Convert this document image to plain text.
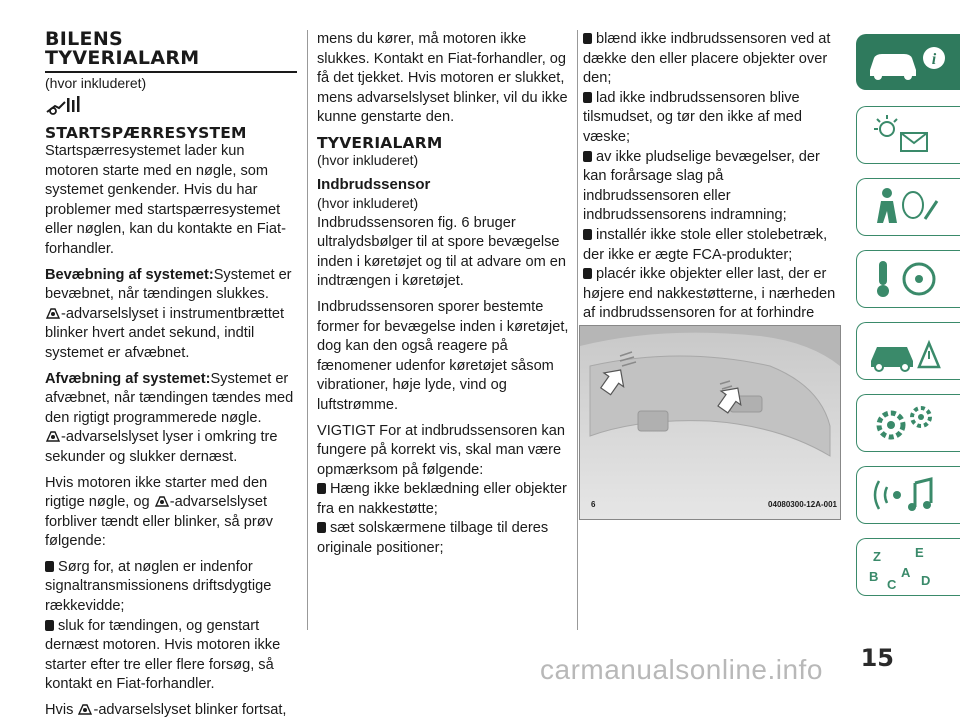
BILENS
TYVERIALARM
(hvor inkluderet)
STARTSPÆRRESYSTEM

Startspærresystemet lader kun motoren starte med en nøgle, som systemet genkender. Hvis du har problemer med startspærresystemet eller nøglen, kan du kontakte en Fiat-forhandler.

Bevæbning af systemet:Systemet er bevæbnet, når tændingen slukkes.
-advarselslyset i instrumentbrættet blinker hvert andet sekund, indtil systemet er afvæbnet.

Afvæbning af systemet:Systemet er afvæbnet, når tændingen tændes med den rigtigt programmerede nøgle.
-advarselslyset lyser i omkring tre sekunder og slukker dernæst.

Hvis motoren ikke starter med den rigtige nøgle, og -advarselslyset forbliver tændt eller blinker, så prøv følgende:

Sørg for, at nøglen er indenfor signaltransmissionens driftsdygtige rækkevidde;

sluk for tændingen, og genstart dernæst motoren. Hvis motoren ikke starter efter tre eller flere forsøg, så kontakt en Fiat-forhandler.

Hvis -advarselslyset blinker fortsat,

mens du kører, må motoren ikke slukkes. Kontakt en Fiat-forhandler, og få det tjekket. Hvis motoren er slukket, mens advarselslyset blinker, vil du ikke kunne genstarte den.

TYVERIALARM
(hvor inkluderet)
Indbrudssensor
(hvor inkluderet)

Indbrudssensoren fig. 6 bruger ultralydsbølger til at spore bevægelse inden i køretøjet og til at advare om en indtrængen i køretøjet.

Indbrudssensoren sporer bestemte former for bevægelse inden i køretøjet, dog kan den også reagere på fænomener udenfor køretøjet såsom vibrationer, høje lyde, vind og luftstrømme.

VIGTIGT For at indbrudssensoren kan fungere på korrekt vis, skal man være opmærksom på følgende:

Hæng ikke beklædning eller objekter fra en nakkestøtte;

sæt solskærmene tilbage til deres originale positioner;

blænd ikke indbrudssensoren ved at dække den eller placere objekter over den;

lad ikke indbrudssensoren blive tilsmudset, og tør den ikke af med væske;

av ikke pludselige bevægelser, der kan forårsage slag på indbrudssensoren eller indbrudssensorens indramning;

installér ikke stole eller stolebetræk, der ikke er ægte FCA-produkter;

placér ikke objekter eller last, der er højere end nakkestøtterne, i nærheden af indbrudssensoren for at forhindre

6	04080300-12A-001
i
Z	E
B
C
A
D
15
carmanualsonline.info
